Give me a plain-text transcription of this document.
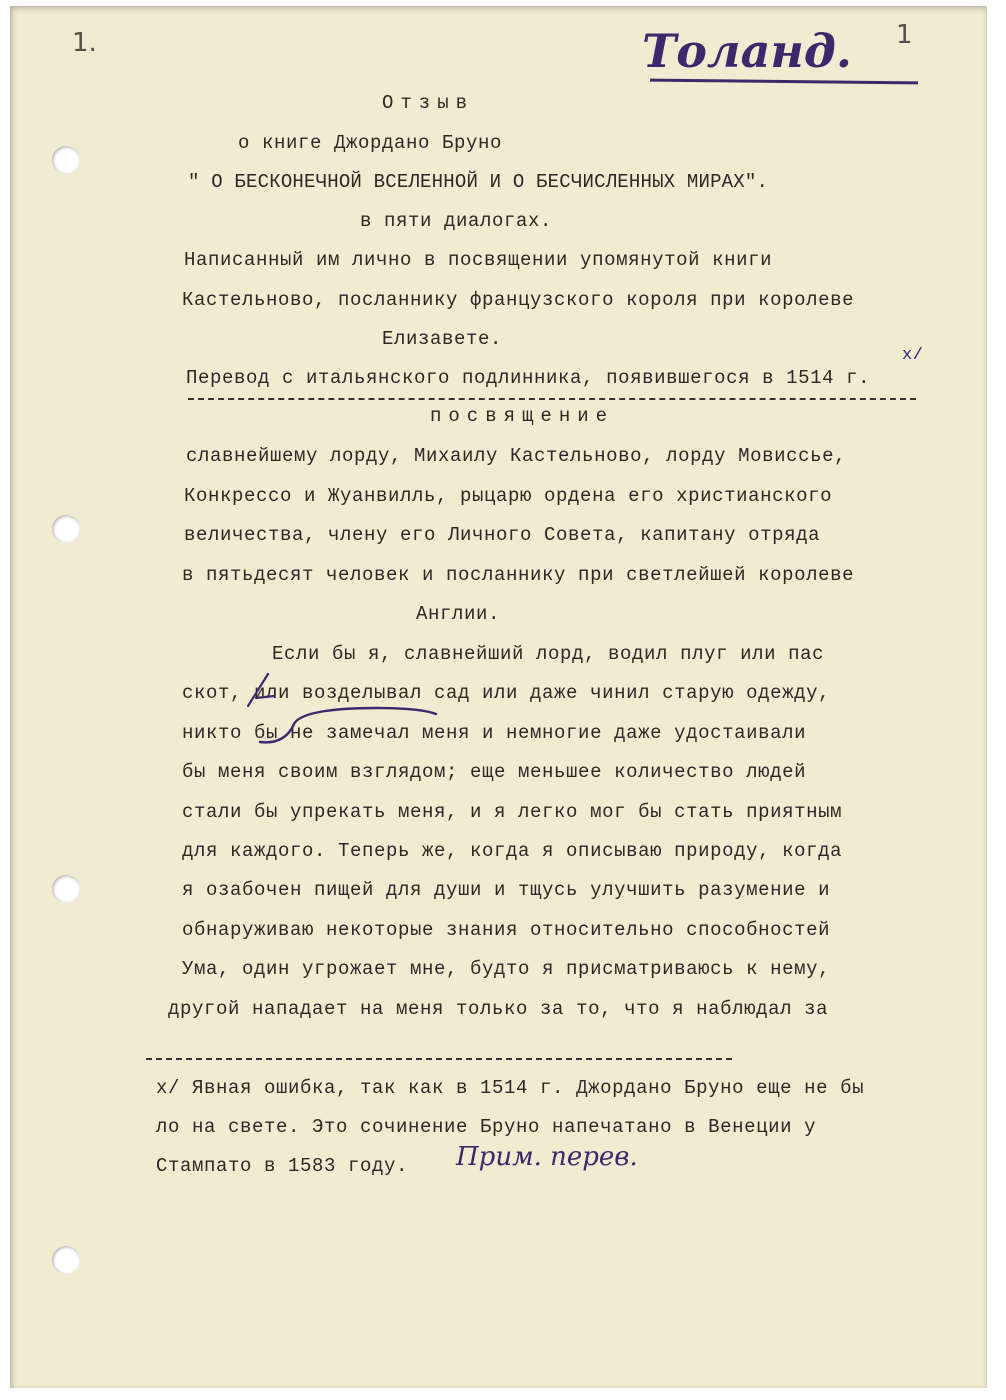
1.	1
Толанд.
Отзыв
о книге Джордано Бруно
" О БЕСКОНЕЧНОЙ ВСЕЛЕННОЙ И О БЕСЧИСЛЕННЫХ МИРАХ".
в пяти диалогах.
Написанный им лично в посвящении упомянутой книги
Кастельново, посланнику французского короля при королеве
Елизавете.
Перевод с итальянского подлинника, появившегося в 1514 г.
x/
посвящение
славнейшему лорду, Михаилу Кастельново, лорду Мовиссье,
Конкрессо и Жуанвилль, рыцарю ордена его христианского
величества, члену его Личного Совета, капитану отряда
в пятьдесят человек и посланнику при светлейшей королеве
Англии.
Если бы я, славнейший лорд, водил плуг или пас
скот, или возделывал сад или даже чинил старую одежду,
никто бы не замечал меня и немногие даже удостаивали
бы меня своим взглядом; еще меньшее количество людей
стали бы упрекать меня, и я легко мог бы стать приятным
для каждого. Теперь же, когда я описываю природу, когда
я озабочен пищей для души и тщусь улучшить разумение и
обнаруживаю некоторые знания относительно способностей
Ума, один угрожает мне, будто я присматриваюсь к нему,
другой нападает на меня только за то, что я наблюдал за
x/ Явная ошибка, так как в 1514 г. Джордано Бруно еще не бы
ло на свете. Это сочинение Бруно напечатано в Венеции у
Стампато в 1583 году. Прим. перев.
